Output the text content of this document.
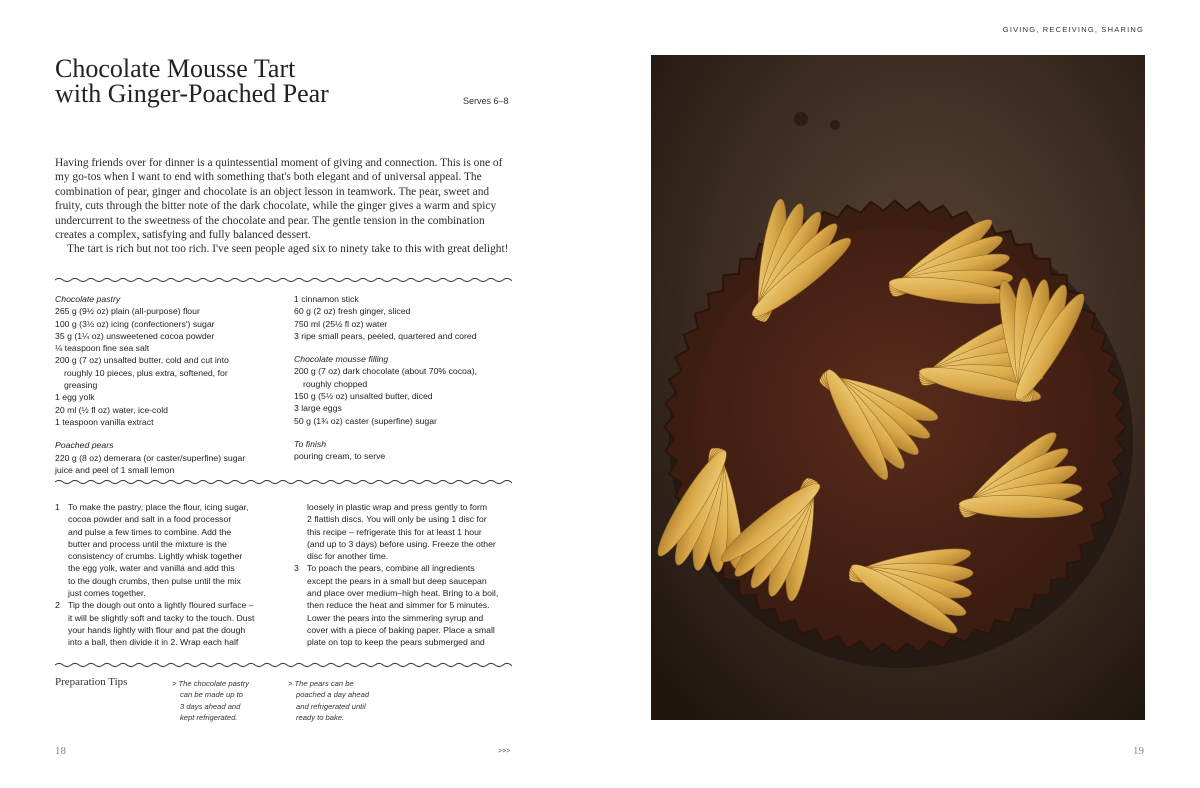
GIVING, RECEIVING, SHARING
Chocolate Mousse Tart
with Ginger-Poached Pear	Serves 6–8

Having friends over for dinner is a quintessential moment of giving and connection. This is one of my go-tos when I want to end with something that's both elegant and of universal appeal. The combination of pear, ginger and chocolate is an object lesson in teamwork. The pear, sweet and fruity, cuts through the bitter note of the dark chocolate, while the ginger gives a warm and spicy undercurrent to the sweetness of the chocolate and pear. The gentle tension in the combination creates a complex, satisfying and fully balanced dessert.

The tart is rich but not too rich. I've seen people aged six to ninety take to this with great delight!

Chocolate pastry
265 g (9½ oz) plain (all-purpose) flour
100 g (3½ oz) icing (confectioners') sugar
35 g (1¼ oz) unsweetened cocoa powder
⅛ teaspoon fine sea salt
200 g (7 oz) unsalted butter, cold and cut into
roughly 10 pieces, plus extra, softened, for
greasing
1 egg yolk
20 ml (½ fl oz) water, ice-cold
1 teaspoon vanilla extract
Poached pears
220 g (8 oz) demerara (or caster/superfine) sugar
juice and peel of 1 small lemon
1 cinnamon stick
60 g (2 oz) fresh ginger, sliced
750 ml (25½ fl oz) water
3 ripe small pears, peeled, quartered and cored
Chocolate mousse filling
200 g (7 oz) dark chocolate (about 70% cocoa),
roughly chopped
150 g (5½ oz) unsalted butter, diced
3 large eggs
50 g (1¾ oz) caster (superfine) sugar
To finish
pouring cream, to serve
1 To make the pastry, place the flour, icing sugar,
cocoa powder and salt in a food processor
and pulse a few times to combine. Add the
butter and process until the mixture is the
consistency of crumbs. Lightly whisk together
the egg yolk, water and vanilla and add this
to the dough crumbs, then pulse until the mix
just comes together.
2 Tip the dough out onto a lightly floured surface –
it will be slightly soft and tacky to the touch. Dust
your hands lightly with flour and pat the dough
into a ball, then divide it in 2. Wrap each half
loosely in plastic wrap and press gently to form
2 flattish discs. You will only be using 1 disc for
this recipe – refrigerate this for at least 1 hour
(and up to 3 days) before using. Freeze the other
disc for another time.
3 To poach the pears, combine all ingredients
except the pears in a small but deep saucepan
and place over medium–high heat. Bring to a boil,
then reduce the heat and simmer for 5 minutes.
Lower the pears into the simmering syrup and
cover with a piece of baking paper. Place a small
plate on top to keep the pears submerged and
Preparation Tips	> The chocolate pastry
can be made up to
3 days ahead and
kept refrigerated.
> The pears can be
poached a day ahead
and refrigerated until
ready to bake.
18	>>>	19
